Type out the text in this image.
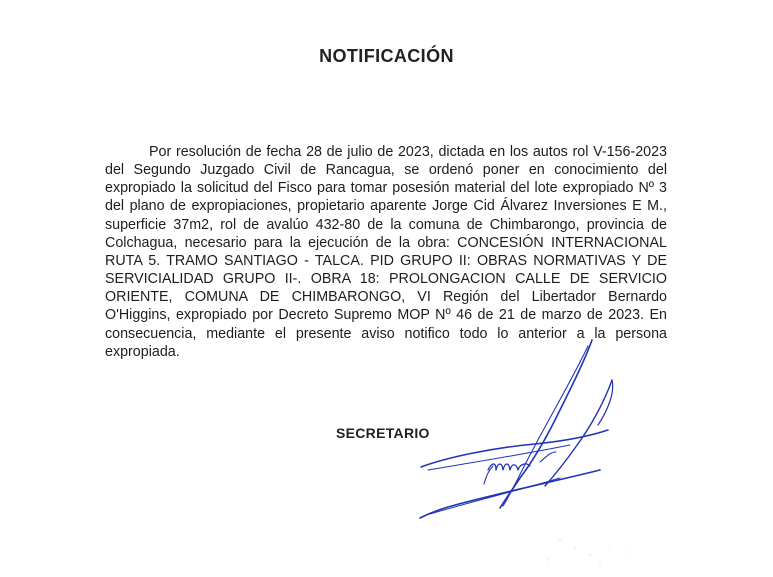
NOTIFICACIÓN

Por resolución de fecha 28 de julio de 2023, dictada en los autos rol V-156-2023 del Segundo Juzgado Civil de Rancagua, se ordenó poner en conocimiento del expropiado la solicitud del Fisco para tomar posesión material del lote expropiado Nº 3 del plano de expropiaciones, propietario aparente Jorge Cid Álvarez Inversiones E M., superficie 37m2, rol de avalúo 432-80 de la comuna de Chimbarongo, provincia de Colchagua, necesario para la ejecución de la obra: CONCESIÓN INTERNACIONAL RUTA 5. TRAMO SANTIAGO - TALCA. PID GRUPO II: OBRAS NORMATIVAS Y DE SERVICIALIDAD GRUPO II-. OBRA 18: PROLONGACION CALLE DE SERVICIO ORIENTE, COMUNA DE CHIMBARONGO, VI Región del Libertador Bernardo O'Higgins, expropiado por Decreto Supremo MOP Nº 46 de 21 de marzo de 2023. En consecuencia, mediante el presente aviso notifico todo lo anterior a la persona expropiada.

SECRETARIO
